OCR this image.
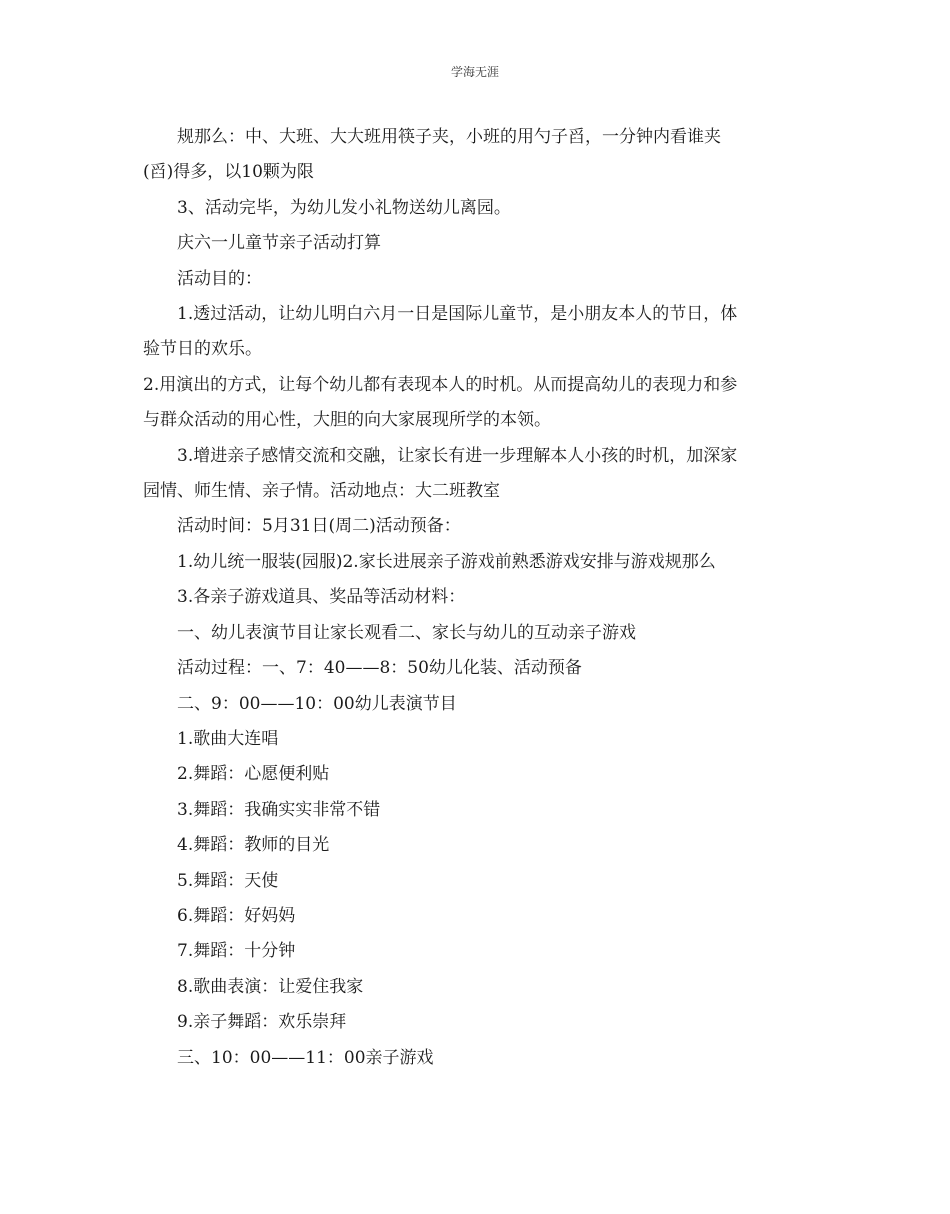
学海无涯
规那么：中、大班、大大班用筷子夹，小班的用勺子舀，一分钟内看谁夹
(舀)得多，以10颗为限
3、活动完毕，为幼儿发小礼物送幼儿离园。
庆六一儿童节亲子活动打算
活动目的：
1.透过活动，让幼儿明白六月一日是国际儿童节，是小朋友本人的节日，体
验节日的欢乐。
2.用演出的方式，让每个幼儿都有表现本人的时机。从而提高幼儿的表现力和参
与群众活动的用心性，大胆的向大家展现所学的本领。
3.增进亲子感情交流和交融，让家长有进一步理解本人小孩的时机，加深家
园情、师生情、亲子情。活动地点：大二班教室
活动时间：5月31日(周二)活动预备：
1.幼儿统一服装(园服)2.家长进展亲子游戏前熟悉游戏安排与游戏规那么
3.各亲子游戏道具、奖品等活动材料：
一、幼儿表演节目让家长观看二、家长与幼儿的互动亲子游戏
活动过程：一、7：40——8：50幼儿化装、活动预备
二、9：00——10：00幼儿表演节目
1.歌曲大连唱
2.舞蹈：心愿便利贴
3.舞蹈：我确实实非常不错
4.舞蹈：教师的目光
5.舞蹈：天使
6.舞蹈：好妈妈
7.舞蹈：十分钟
8.歌曲表演：让爱住我家
9.亲子舞蹈：欢乐崇拜
三、10：00——11：00亲子游戏
